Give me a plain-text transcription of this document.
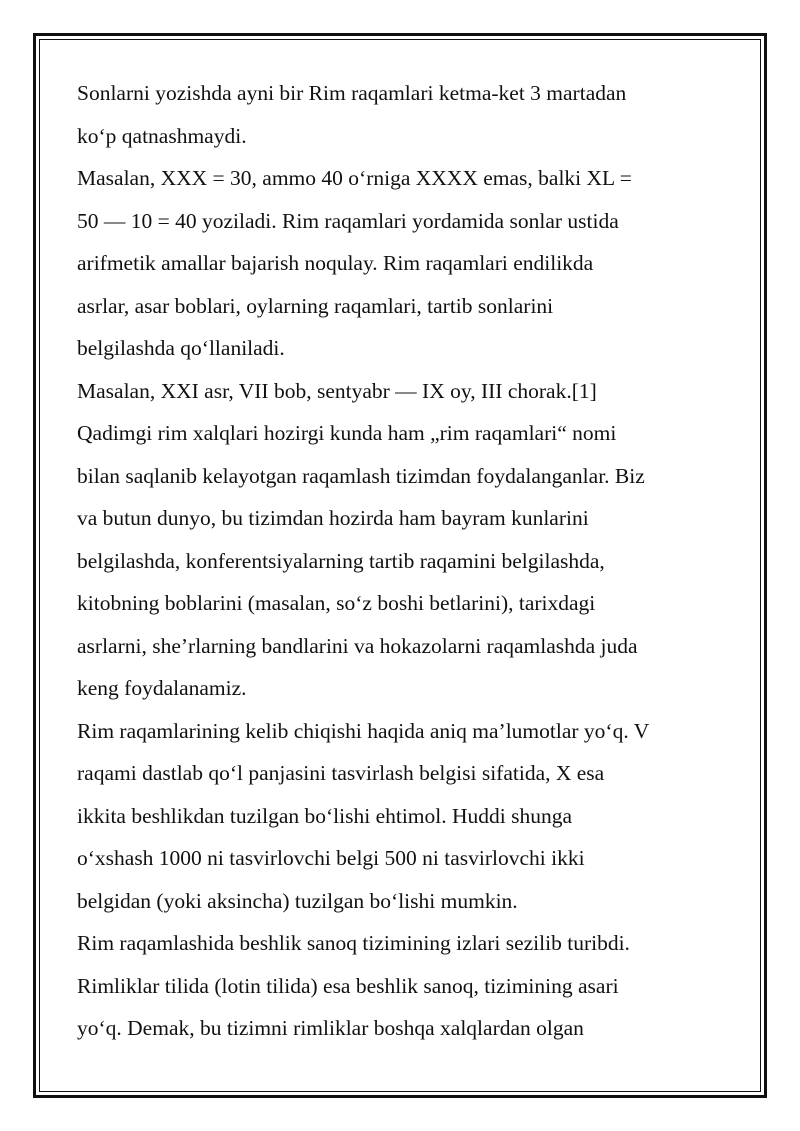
Sonlarni yozishda ayni bir Rim raqamlari ketma-ket 3 martadan
ko‘p qatnashmaydi.
Masalan, XXX = 30, ammo 40 o‘rniga XXXX emas, balki XL =
50 — 10 = 40 yoziladi. Rim raqamlari yordamida sonlar ustida
arifmetik amallar bajarish noqulay. Rim raqamlari endilikda
asrlar, asar boblari, oylarning raqamlari, tartib sonlarini
belgilashda qo‘llaniladi.
Masalan, XXI asr, VII bob, sentyabr — IX oy, III chorak.[1]
Qadimgi rim xalqlari hozirgi kunda ham „rim raqamlari“ nomi
bilan saqlanib kelayotgan raqamlash tizimdan foydalanganlar. Biz
va butun dunyo, bu tizimdan hozirda ham bayram kunlarini
belgilashda, konferentsiyalarning tartib raqamini belgilashda,
kitobning boblarini (masalan, so‘z boshi betlarini), tarixdagi
asrlarni, she’rlarning bandlarini va hokazolarni raqamlashda juda
keng foydalanamiz.
Rim raqamlarining kelib chiqishi haqida aniq ma’lumotlar yo‘q. V
raqami dastlab qo‘l panjasini tasvirlash belgisi sifatida, X esa
ikkita beshlikdan tuzilgan bo‘lishi ehtimol. Huddi shunga
o‘xshash 1000 ni tasvirlovchi belgi 500 ni tasvirlovchi ikki
belgidan (yoki aksincha) tuzilgan bo‘lishi mumkin.
Rim raqamlashida beshlik sanoq tizimining izlari sezilib turibdi.
Rimliklar tilida (lotin tilida) esa beshlik sanoq, tizimining asari
yo‘q. Demak, bu tizimni rimliklar boshqa xalqlardan olgan
